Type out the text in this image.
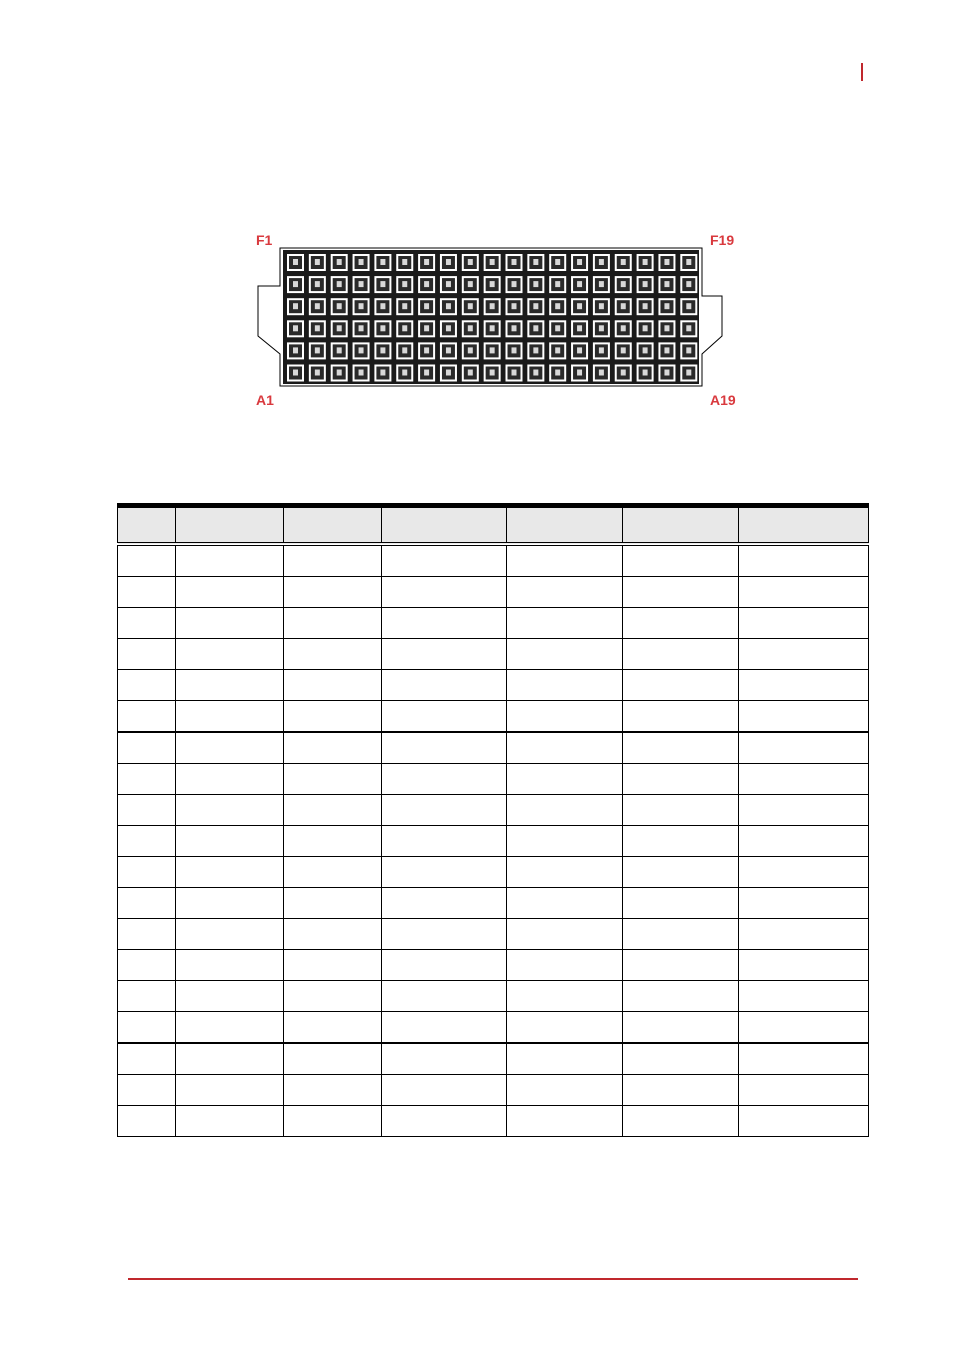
F1	F19
A1	A19
